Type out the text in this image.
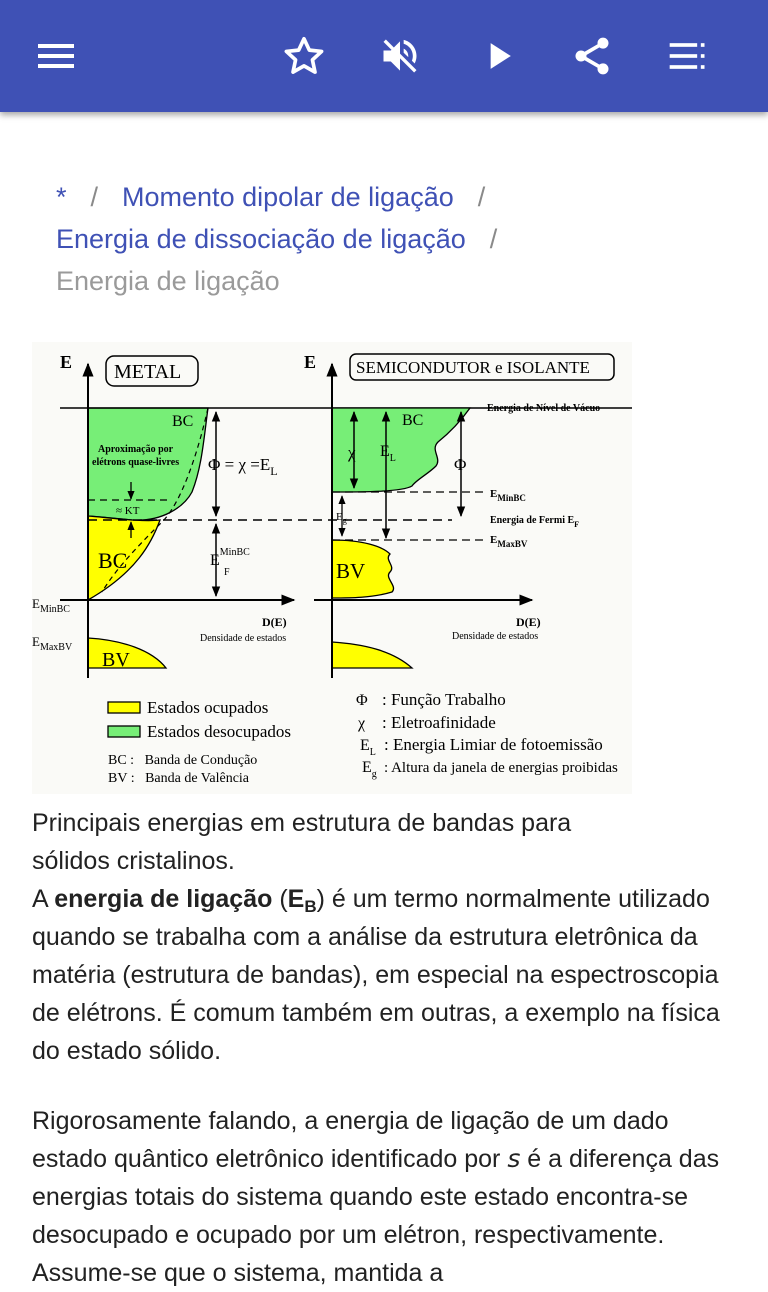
* / Momento dipolar de ligação /
Energia de dissociação de ligação /
Energia de ligação
E METAL
BC
Aproximação por
elétrons quase-livres
≈ KT
BC
$\Phi = \chi =E_L$
$E^{MinBC}$ F
$E_{MinBC}$
$E_{MaxBV}$
BV
D(E)
Densidade de estados
E SEMICONDUTOR e ISOLANTE
BC
χ $E_L$	Φ
$E_g$
BV
D(E)
Densidade de estados
Energia de Nível de Vácuo
$E_{MinBC}$
Energia de Fermi $E_F$
$E_{MaxBV}$
Estados ocupados
Estados desocupados
BC :   Banda de Condução
BV :   Banda de Valência
Φ : Função Trabalho
χ : Eletroafinidade
$E_L$ : Energia Limiar de fotoemissão
$E_g$ : Altura da janela de energias proibidas
Principais energias em estrutura de bandas para sólidos cristalinos.
A energia de ligação $(E_B)$ é um termo normalmente utilizado quando se trabalha com a análise da estrutura eletrônica da matéria (estrutura de bandas), em especial na espectroscopia de elétrons. É comum também em outras, a exemplo na física do estado sólido.
Rigorosamente falando, a energia de ligação de um dado estado quântico eletrônico identificado por s é a diferença das energias totais do sistema quando este estado encontra-se desocupado e ocupado por um elétron, respectivamente. Assume-se que o sistema, mantida a
